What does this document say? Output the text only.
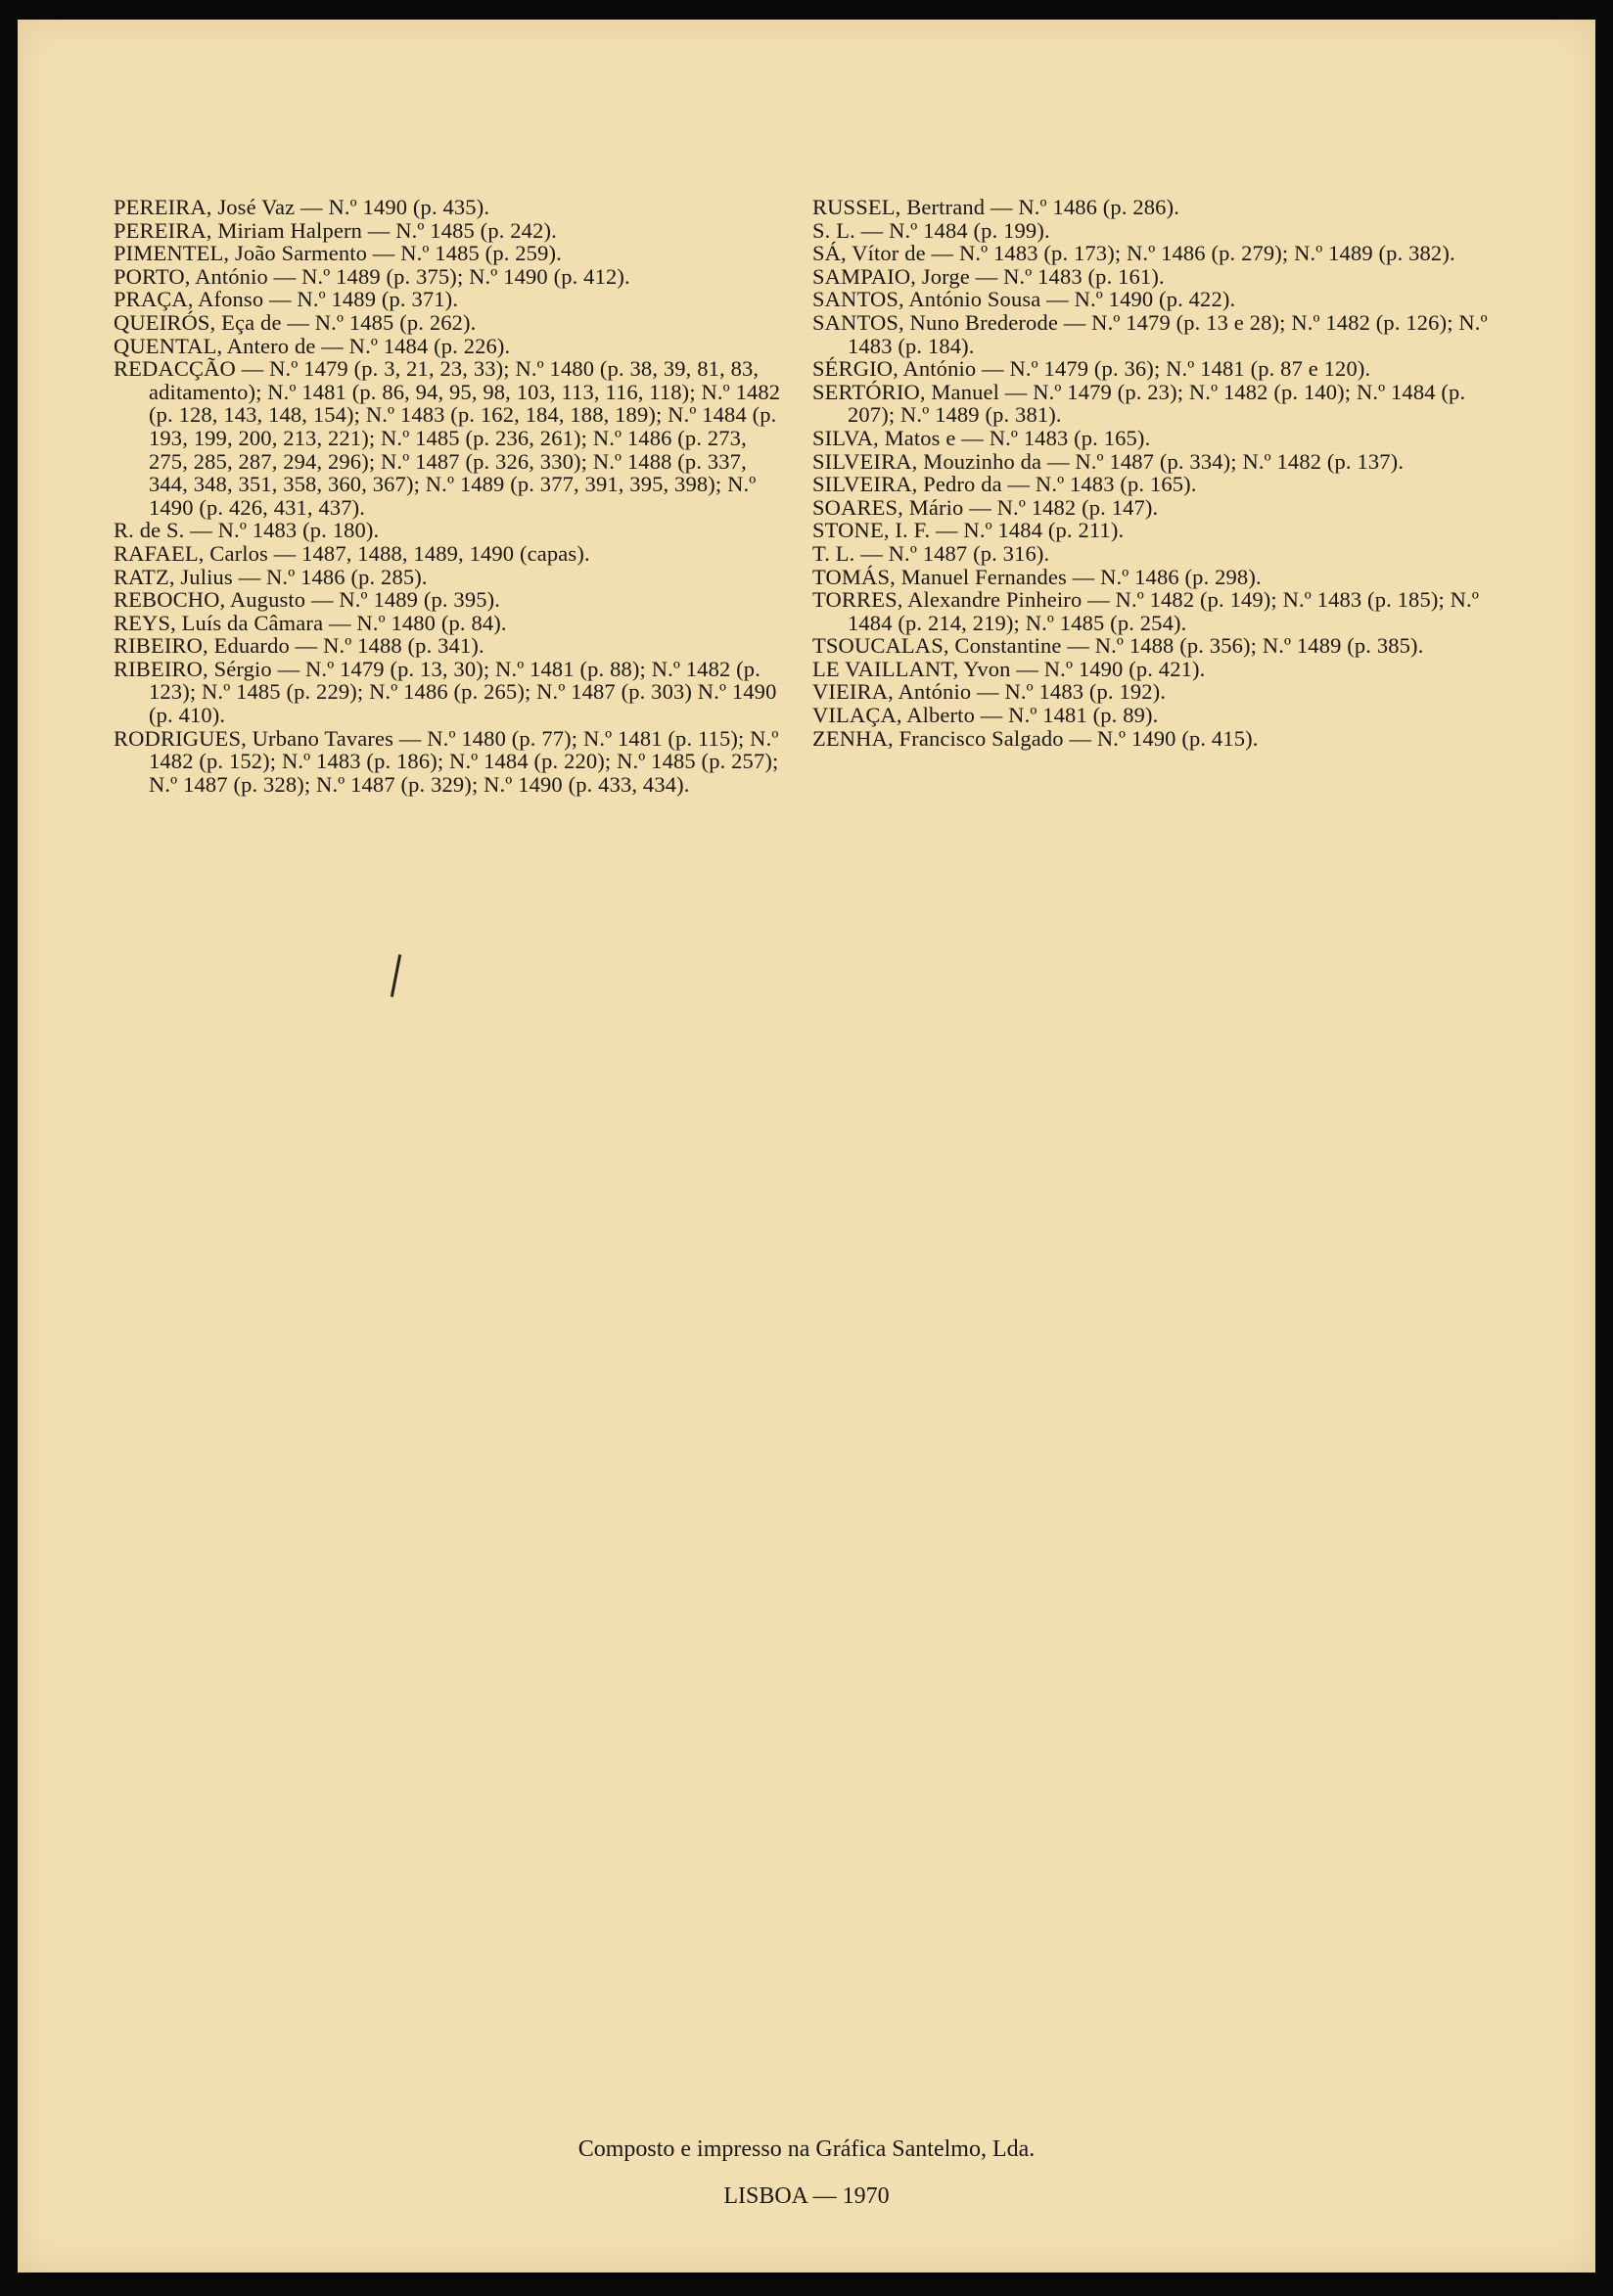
PEREIRA, José Vaz — N.º 1490 (p. 435).

PEREIRA, Miriam Halpern — N.º 1485 (p. 242).

PIMENTEL, João Sarmento — N.º 1485 (p. 259).

PORTO, António — N.º 1489 (p. 375); N.º 1490 (p. 412).

PRAÇA, Afonso — N.º 1489 (p. 371).

QUEIRÓS, Eça de — N.º 1485 (p. 262).

QUENTAL, Antero de — N.º 1484 (p. 226).

REDACÇÃO — N.º 1479 (p. 3, 21, 23, 33); N.º 1480 (p. 38, 39, 81, 83, aditamento); N.º 1481 (p. 86, 94, 95, 98, 103, 113, 116, 118); N.º 1482 (p. 128, 143, 148, 154); N.º 1483 (p. 162, 184, 188, 189); N.º 1484 (p. 193, 199, 200, 213, 221); N.º 1485 (p. 236, 261); N.º 1486 (p. 273, 275, 285, 287, 294, 296); N.º 1487 (p. 326, 330); N.º 1488 (p. 337, 344, 348, 351, 358, 360, 367); N.º 1489 (p. 377, 391, 395, 398); N.º 1490 (p. 426, 431, 437).

R. de S. — N.º 1483 (p. 180).

RAFAEL, Carlos — 1487, 1488, 1489, 1490 (capas).

RATZ, Julius — N.º 1486 (p. 285).

REBOCHO, Augusto — N.º 1489 (p. 395).

REYS, Luís da Câmara — N.º 1480 (p. 84).

RIBEIRO, Eduardo — N.º 1488 (p. 341).

RIBEIRO, Sérgio — N.º 1479 (p. 13, 30); N.º 1481 (p. 88); N.º 1482 (p. 123); N.º 1485 (p. 229); N.º 1486 (p. 265); N.º 1487 (p. 303) N.º 1490 (p. 410).

RODRIGUES, Urbano Tavares — N.º 1480 (p. 77); N.º 1481 (p. 115); N.º 1482 (p. 152); N.º 1483 (p. 186); N.º 1484 (p. 220); N.º 1485 (p. 257); N.º 1487 (p. 328); N.º 1487 (p. 329); N.º 1490 (p. 433, 434).

RUSSEL, Bertrand — N.º 1486 (p. 286).

S. L. — N.º 1484 (p. 199).

SÁ, Vítor de — N.º 1483 (p. 173); N.º 1486 (p. 279); N.º 1489 (p. 382).

SAMPAIO, Jorge — N.º 1483 (p. 161).

SANTOS, António Sousa — N.º 1490 (p. 422).

SANTOS, Nuno Brederode — N.º 1479 (p. 13 e 28); N.º 1482 (p. 126); N.º 1483 (p. 184).

SÉRGIO, António — N.º 1479 (p. 36); N.º 1481 (p. 87 e 120).

SERTÓRIO, Manuel — N.º 1479 (p. 23); N.º 1482 (p. 140); N.º 1484 (p. 207); N.º 1489 (p. 381).

SILVA, Matos e — N.º 1483 (p. 165).

SILVEIRA, Mouzinho da — N.º 1487 (p. 334); N.º 1482 (p. 137).

SILVEIRA, Pedro da — N.º 1483 (p. 165).

SOARES, Mário — N.º 1482 (p. 147).

STONE, I. F. — N.º 1484 (p. 211).

T. L. — N.º 1487 (p. 316).

TOMÁS, Manuel Fernandes — N.º 1486 (p. 298).

TORRES, Alexandre Pinheiro — N.º 1482 (p. 149); N.º 1483 (p. 185); N.º 1484 (p. 214, 219); N.º 1485 (p. 254).

TSOUCALAS, Constantine — N.º 1488 (p. 356); N.º 1489 (p. 385).

LE VAILLANT, Yvon — N.º 1490 (p. 421).

VIEIRA, António — N.º 1483 (p. 192).

VILAÇA, Alberto — N.º 1481 (p. 89).

ZENHA, Francisco Salgado — N.º 1490 (p. 415).

Composto e impresso na Gráfica Santelmo, Lda.
LISBOA — 1970
